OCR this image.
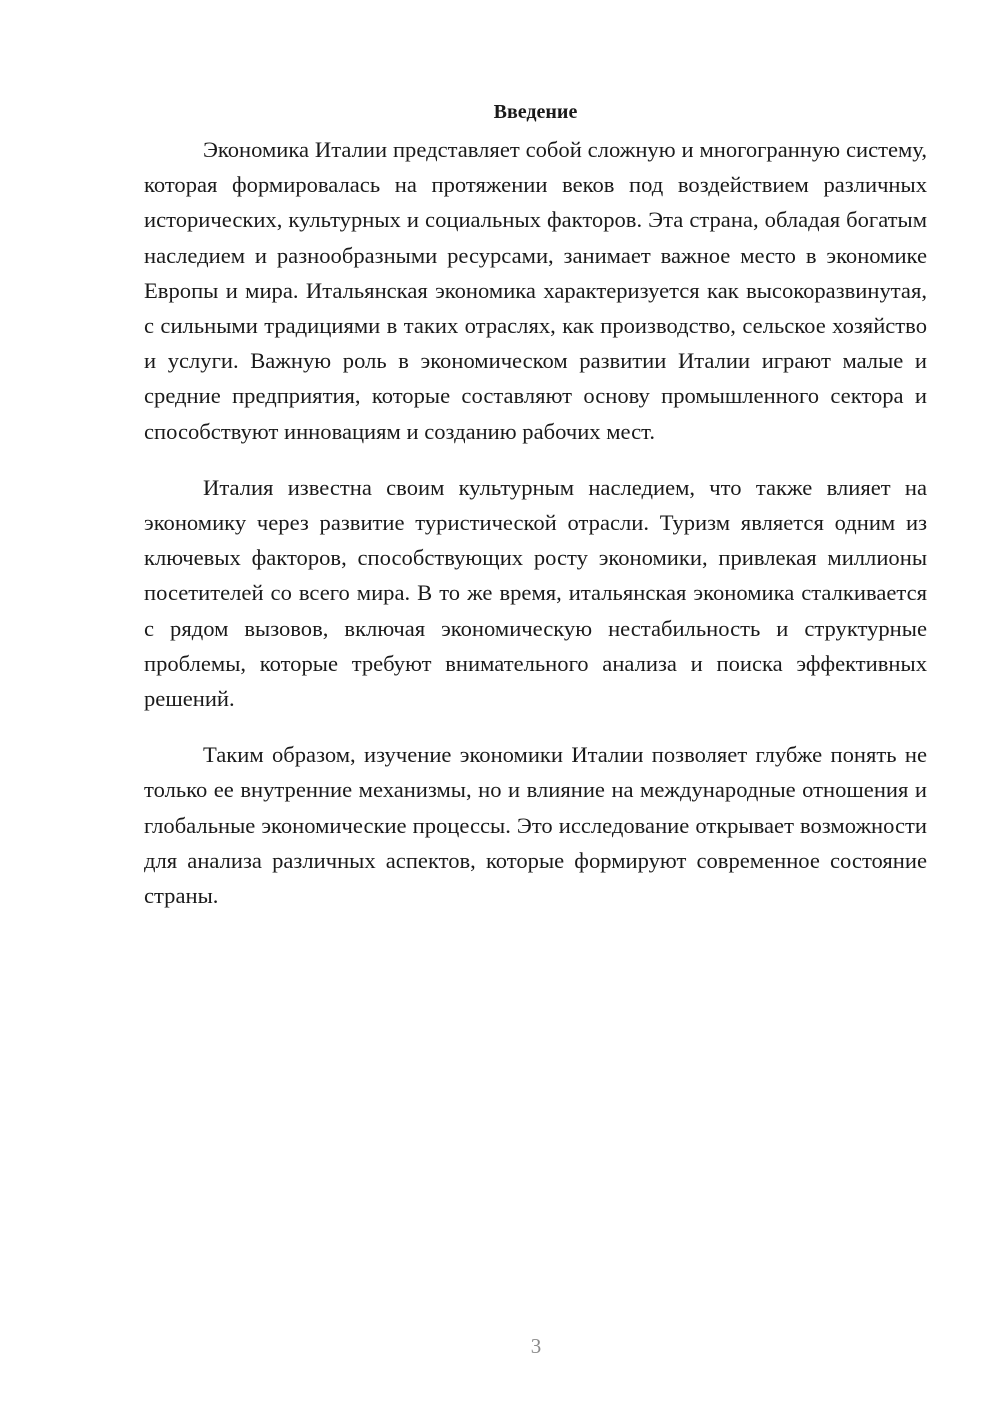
Введение

Экономика Италии представляет собой сложную и многогранную систему, которая формировалась на протяжении веков под воздействием различных исторических, культурных и социальных факторов. Эта страна, обладая богатым наследием и разнообразными ресурсами, занимает важное место в экономике Европы и мира. Итальянская экономика характеризуется как высокоразвинутая, с сильными традициями в таких отраслях, как производство, сельское хозяйство и услуги. Важную роль в экономическом развитии Италии играют малые и средние предприятия, которые составляют основу промышленного сектора и способствуют инновациям и созданию рабочих мест.

Италия известна своим культурным наследием, что также влияет на экономику через развитие туристической отрасли. Туризм является одним из ключевых факторов, способствующих росту экономики, привлекая миллионы посетителей со всего мира. В то же время, итальянская экономика сталкивается с рядом вызовов, включая экономическую нестабильность и структурные проблемы, которые требуют внимательного анализа и поиска эффективных решений.

Таким образом, изучение экономики Италии позволяет глубже понять не только ее внутренние механизмы, но и влияние на международные отношения и глобальные экономические процессы. Это исследование открывает возможности для анализа различных аспектов, которые формируют современное состояние страны.

3
